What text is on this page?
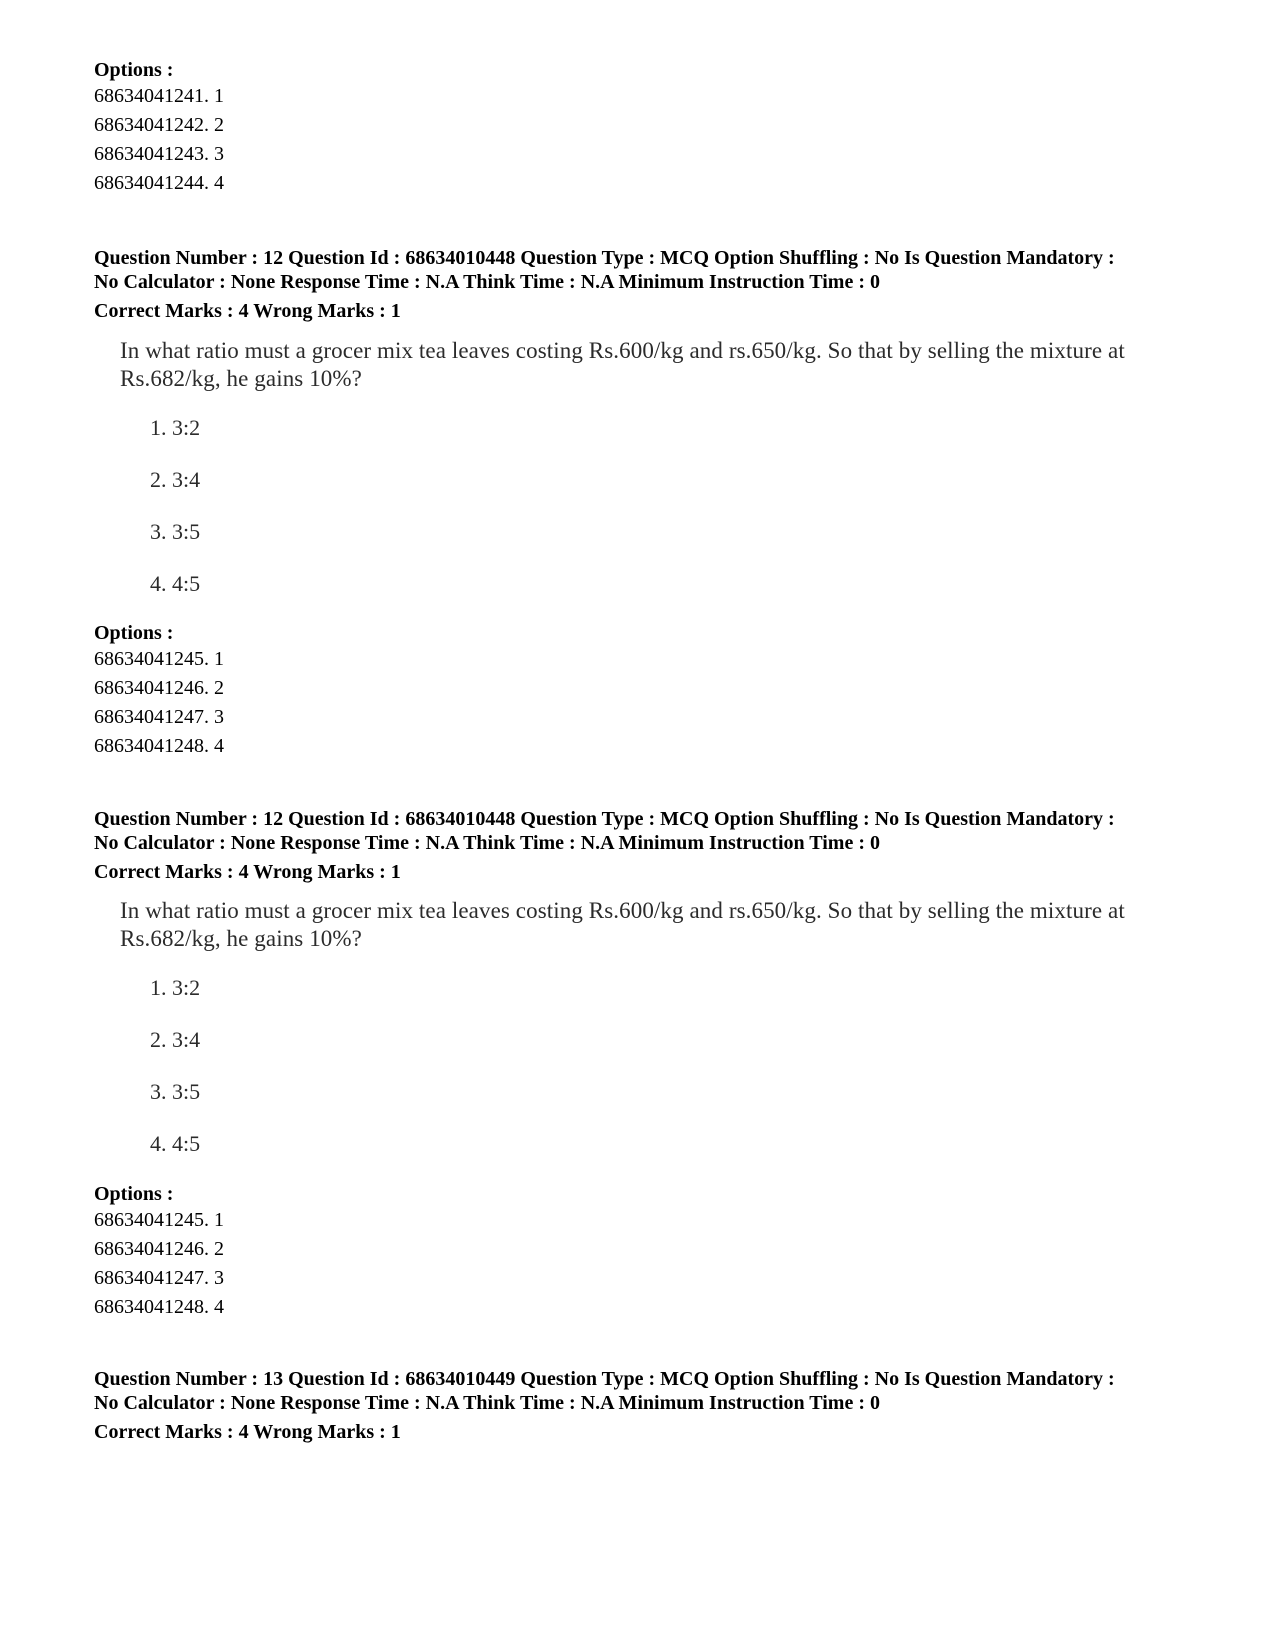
Options :
68634041241. 1
68634041242. 2
68634041243. 3
68634041244. 4
Question Number : 12 Question Id : 68634010448 Question Type : MCQ Option Shuffling : No Is Question Mandatory :
No Calculator : None Response Time : N.A Think Time : N.A Minimum Instruction Time : 0
Correct Marks : 4 Wrong Marks : 1
In what ratio must a grocer mix tea leaves costing Rs.600/kg and rs.650/kg. So that by selling the mixture at
Rs.682/kg, he gains 10%?
1. 3:2
2. 3:4
3. 3:5
4. 4:5
Options :
68634041245. 1
68634041246. 2
68634041247. 3
68634041248. 4
Question Number : 12 Question Id : 68634010448 Question Type : MCQ Option Shuffling : No Is Question Mandatory :
No Calculator : None Response Time : N.A Think Time : N.A Minimum Instruction Time : 0
Correct Marks : 4 Wrong Marks : 1
In what ratio must a grocer mix tea leaves costing Rs.600/kg and rs.650/kg. So that by selling the mixture at
Rs.682/kg, he gains 10%?
1. 3:2
2. 3:4
3. 3:5
4. 4:5
Options :
68634041245. 1
68634041246. 2
68634041247. 3
68634041248. 4
Question Number : 13 Question Id : 68634010449 Question Type : MCQ Option Shuffling : No Is Question Mandatory :
No Calculator : None Response Time : N.A Think Time : N.A Minimum Instruction Time : 0
Correct Marks : 4 Wrong Marks : 1
